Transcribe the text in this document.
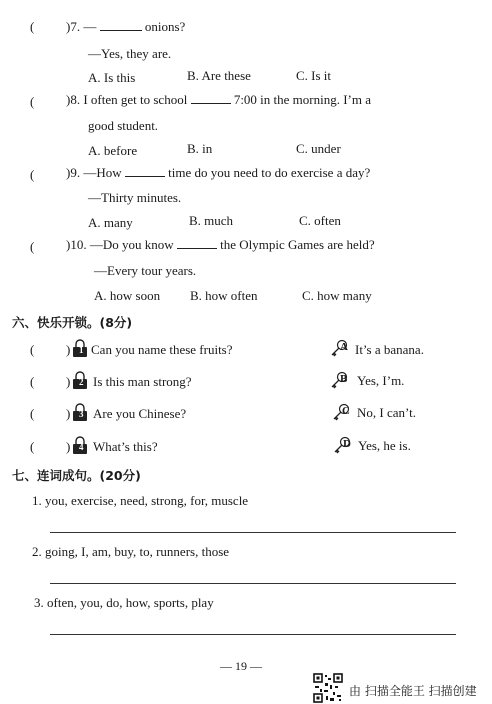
( )7. —	onions?
—Yes, they are.
A. Is this	B. Are these	C. Is it
( )8. I often get to school	7:00 in the morning. I’m a
good student.
A. before	B. in	C. under
( )9. —How	time do you need to do exercise a day?
—Thirty minutes.
A. many	B. much	C. often
( )10. —Do you know	the Olympic Games are held?
—Every tour years.
A. how soon B. how often	C. how many
六、快乐开锁。(8分)
( ) 1 Can you name these fruits?	A It’s a banana.
( ) 2 Is this man strong?	B Yes, I’m.
( ) 3 Are you Chinese?	C No, I can’t.
( ) 4 What’s this?	D Yes, he is.
七、连词成句。(20分)
1. you, exercise, need, strong, for, muscle
2. going, I, am, buy, to, runners, those
3. often, you, do, how, sports, play
— 19 —
由 扫描全能王 扫描创建
